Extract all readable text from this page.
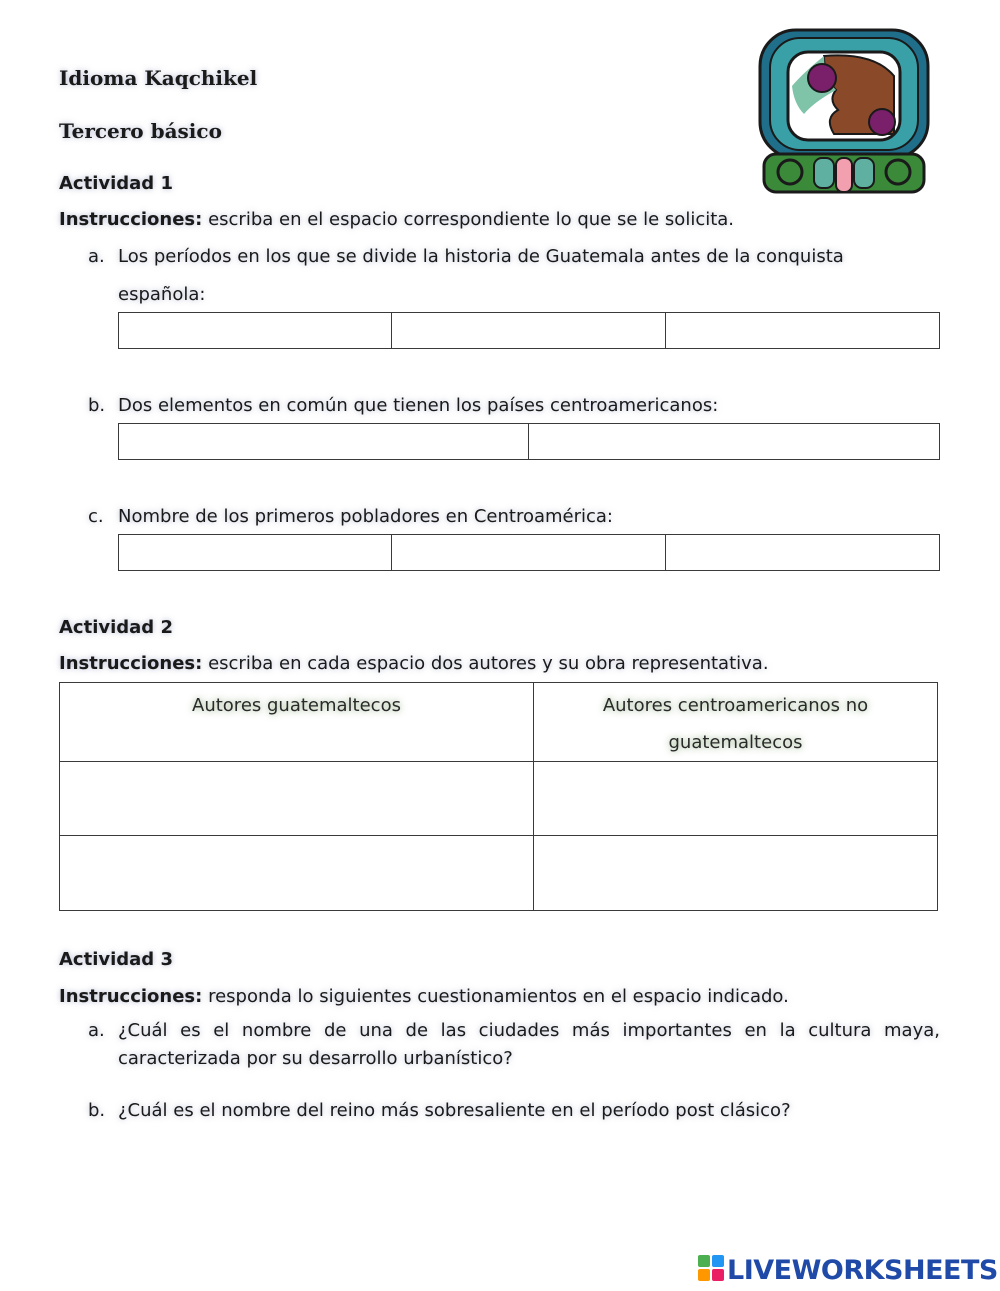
Idioma Kaqchikel
Tercero básico
Actividad 1
Instrucciones: escriba en el espacio correspondiente lo que se le solicita.
a. Los períodos en los que se divide la historia de Guatemala antes de la conquista
española:
b. Dos elementos en común que tienen los países centroamericanos:
c. Nombre de los primeros pobladores en Centroamérica:
Actividad 2
Instrucciones: escriba en cada espacio dos autores y su obra representativa.
Autores guatemaltecos	Autores centroamericanos no guatemaltecos

Actividad 3
Instrucciones: responda lo siguientes cuestionamientos en el espacio indicado.
a. ¿Cuál es el nombre de una de las ciudades más importantes en la cultura maya, caracterizada por su desarrollo urbanístico?
b. ¿Cuál es el nombre del reino más sobresaliente en el período post clásico?
LIVEWORKSHEETS
